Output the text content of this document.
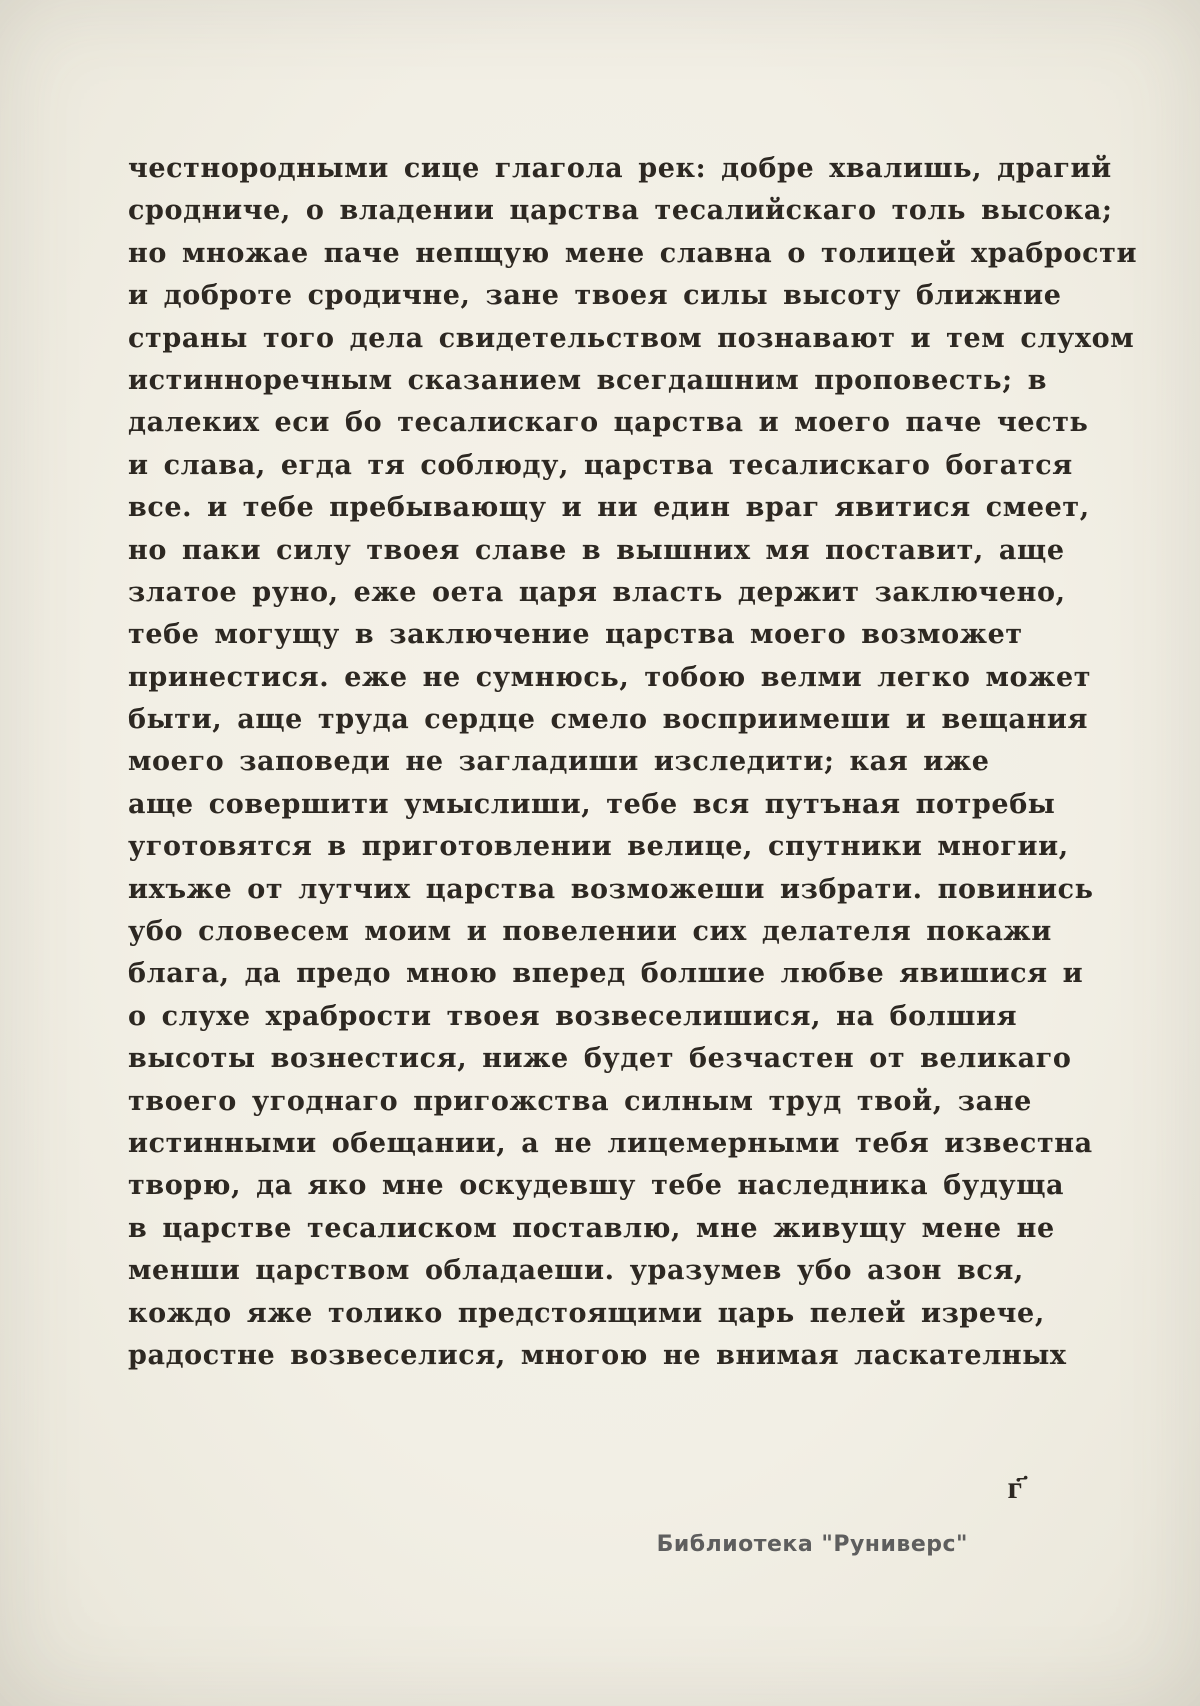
честнородными сице глагола рек: добре хвалишь, драгий
сродниче, о владении царства тесалийскаго толь высока;
но множае паче непщую мене славна о толицей храбрости
и доброте сродичне, зане твоея силы высоту ближние
страны того дела свидетельством познавают и тем слухом
истинноречным сказанием всегдашним проповесть; в
далеких еси бо тесалискаго царства и моего паче честь
и слава, егда тя соблюду, царства тесалискаго богатся
все. и тебе пребывающу и ни един враг явитися смеет,
но паки силу твоея славе в вышних мя поставит, аще
златое руно, еже оета царя власть держит заключено,
тебе могущу в заключение царства моего возможет
принестися. еже не сумнюсь, тобою велми легко может
быти, аще труда сердце смело восприимеши и вещания
моего заповеди не загладиши изследити; кая иже
аще совершити умыслиши, тебе вся путъная потребы
уготовятся в приготовлении велице, спутники многии,
ихъже от лутчих царства возможеши избрати. повинись
убо словесем моим и повелении сих делателя покажи
блага, да предо мною вперед болшие любве явишися и
о слухе храбрости твоея возвеселишися, на болшия
высоты вознестися, ниже будет безчастен от великаго
твоего угоднаго пригожства силным труд твой, зане
истинными обещании, а не лицемерными тебя известна
творю, да яко мне оскудевшу тебе наследника будуща
в царстве тесалиском поставлю, мне живущу мене не
менши царством обладаеши. уразумев убо азон вся,
кождо яже толико предстоящими царь пелей изрече,
радостне возвеселися, многою не внимая ласкателных
г҃
Библиотека "Руниверс"
